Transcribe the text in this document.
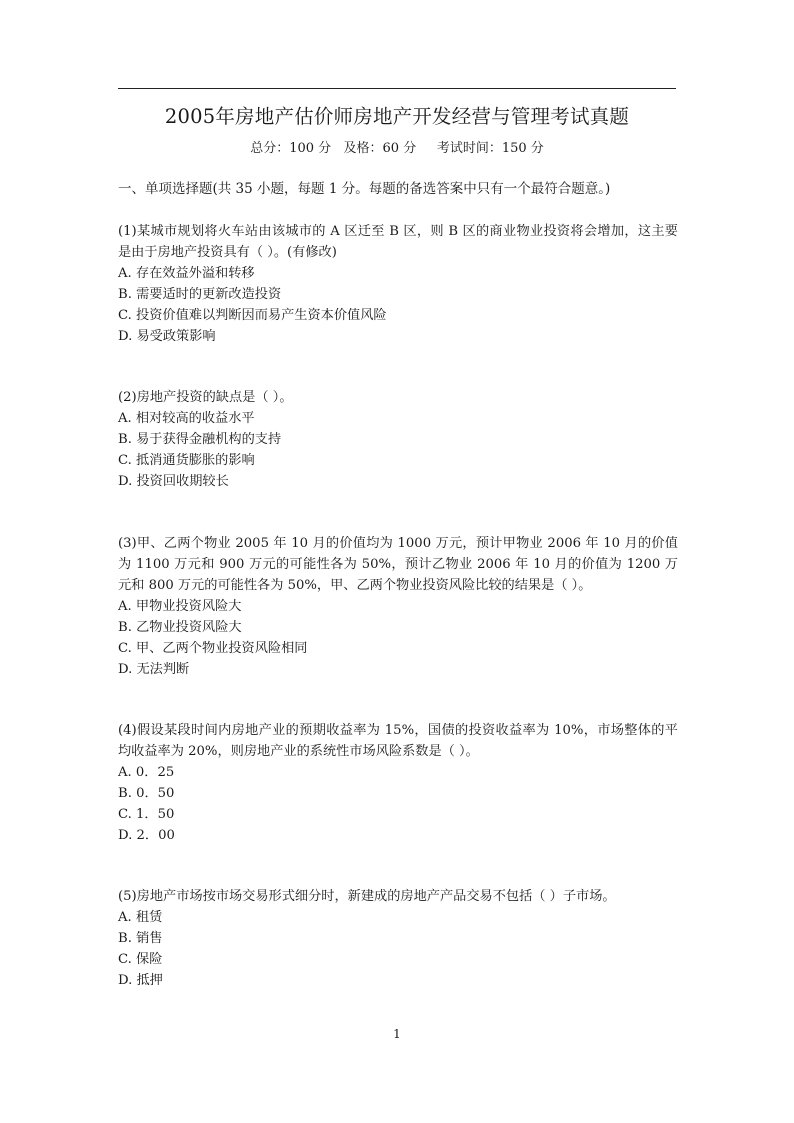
2005年房地产估价师房地产开发经营与管理考试真题
总分：100 分   及格：60 分     考试时间：150 分
一、单项选择题(共 35 小题，每题 1 分。每题的备选答案中只有一个最符合题意。)

(1)某城市规划将火车站由该城市的 A 区迁至 B 区，则 B 区的商业物业投资将会增加，这主要是由于房地产投资具有（ ）。(有修改)

A. 存在效益外溢和转移

B. 需要适时的更新改造投资

C. 投资价值难以判断因而易产生资本价值风险

D. 易受政策影响

(2)房地产投资的缺点是（ ）。

A. 相对较高的收益水平

B. 易于获得金融机构的支持

C. 抵消通货膨胀的影响

D. 投资回收期较长

(3)甲、乙两个物业 2005 年 10 月的价值均为 1000 万元，预计甲物业 2006 年 10 月的价值为 1100 万元和 900 万元的可能性各为 50%，预计乙物业 2006 年 10 月的价值为 1200 万元和 800 万元的可能性各为 50%，甲、乙两个物业投资风险比较的结果是（ ）。

A. 甲物业投资风险大

B. 乙物业投资风险大

C. 甲、乙两个物业投资风险相同

D. 无法判断

(4)假设某段时间内房地产业的预期收益率为 15%，国债的投资收益率为 10%，市场整体的平均收益率为 20%，则房地产业的系统性市场风险系数是（ ）。

A. 0．25

B. 0．50

C. 1．50

D. 2．00

(5)房地产市场按市场交易形式细分时，新建成的房地产产品交易不包括（ ）子市场。

A. 租赁

B. 销售

C. 保险

D. 抵押

1
